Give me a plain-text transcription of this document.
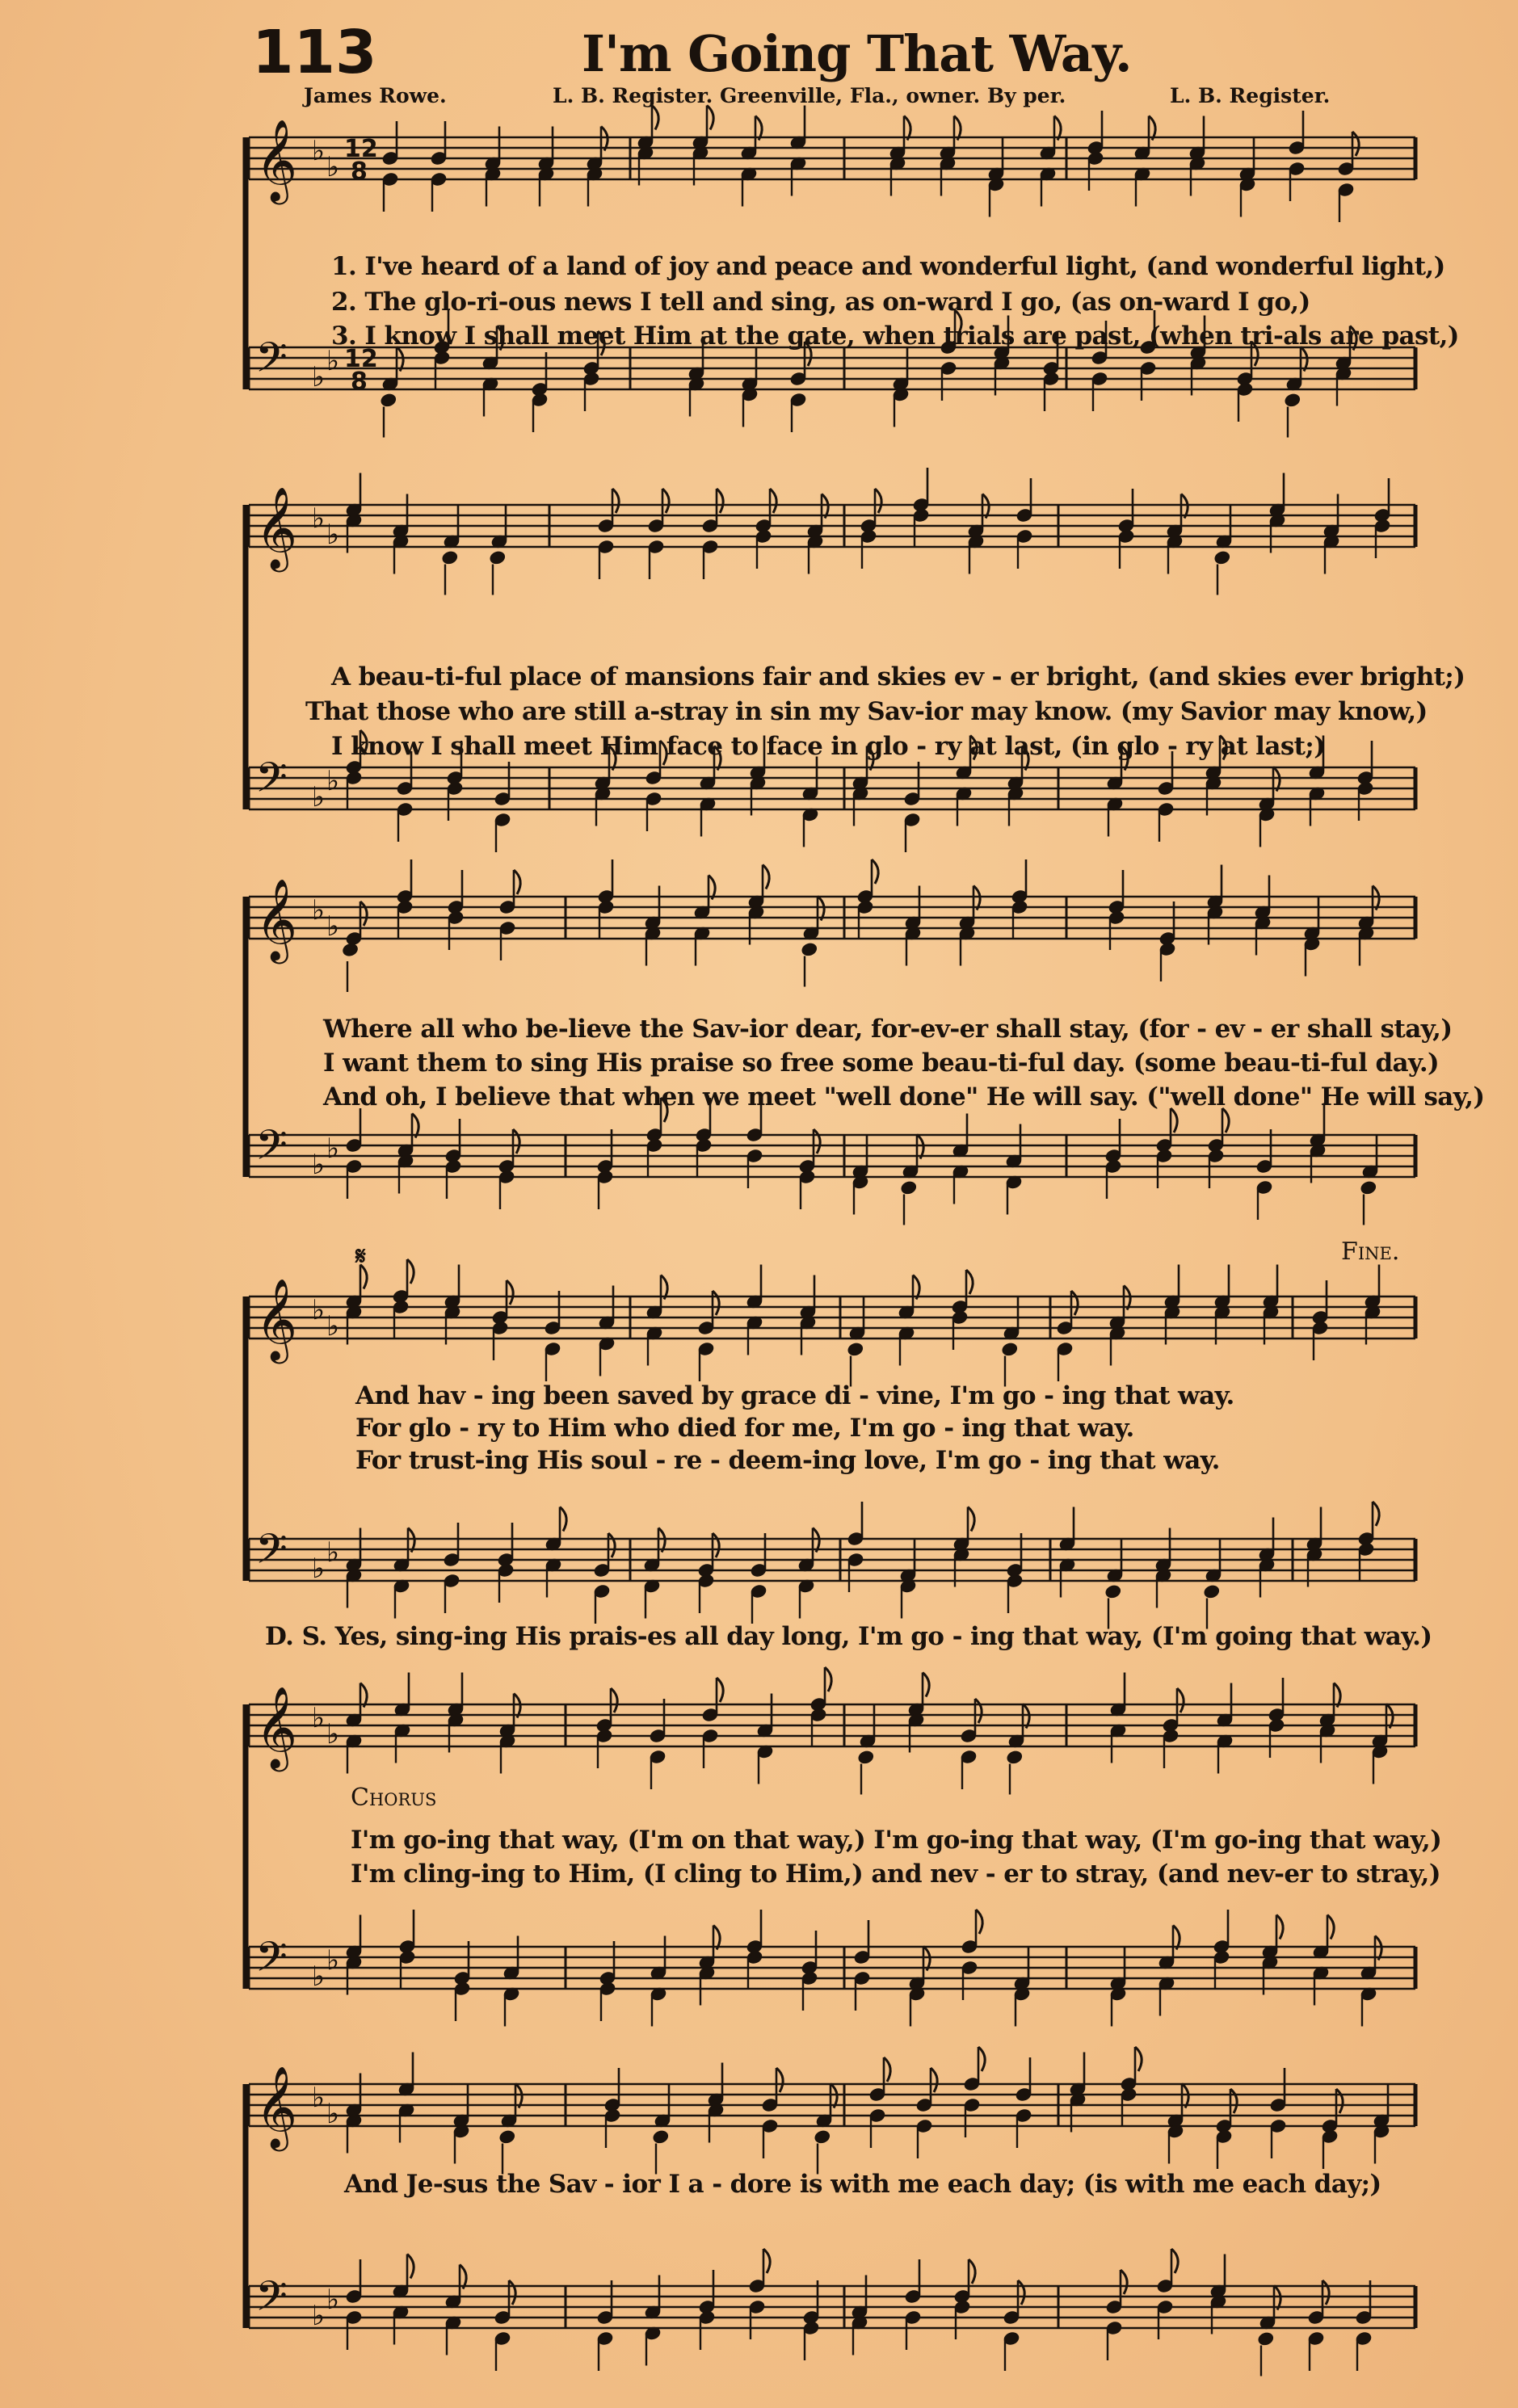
113	I'm Going That Way.
James Rowe.	L. B. Register. Greenville, Fla., owner. By per.	L. B. Register.
𝄞 ♭ ♭
𝄢 ♭ ♭
12
8
12
8
1. I've heard of a land of joy and peace and wonderful light, (and wonderful light,)
2. The glo-ri-ous news I tell and sing, as on-ward I go, (as on-ward I go,)
3. I know I shall meet Him at the gate, when trials are past, (when tri-als are past,)
𝄞 ♭ ♭
𝄢 ♭ ♭
A beau-ti-ful place of mansions fair and skies ev - er bright, (and skies ever bright;)
That those who are still a-stray in sin my Sav-ior may know. (my Savior may know,)
I know I shall meet Him face to face in glo - ry at last, (in glo - ry at last;)
𝄞 ♭ ♭
𝄢 ♭ ♭
Where all who be-lieve the Sav-ior dear, for-ev-er shall stay, (for - ev - er shall stay,)
I want them to sing His praise so free some beau-ti-ful day. (some beau-ti-ful day.)
And oh, I believe that when we meet "well done" He will say. ("well done" He will say,)
𝄋	Fine.
𝄞 ♭ ♭
𝄢 ♭ ♭
And hav - ing been saved by grace di - vine, I'm go - ing that way.
For glo - ry to Him who died for me, I'm go - ing that way.
For trust-ing His soul - re - deem-ing love, I'm go - ing that way.
D. S. Yes, sing-ing His prais-es all day long, I'm go - ing that way, (I'm going that way.)
𝄞 ♭ ♭
𝄢 ♭ ♭
Chorus
I'm go-ing that way, (I'm on that way,) I'm go-ing that way, (I'm go-ing that way,)
I'm cling-ing to Him, (I cling to Him,) and nev - er to stray, (and nev-er to stray,)
𝄞 ♭ ♭
𝄢 ♭ ♭
And Je-sus the Sav - ior I a - dore is with me each day; (is with me each day;)
